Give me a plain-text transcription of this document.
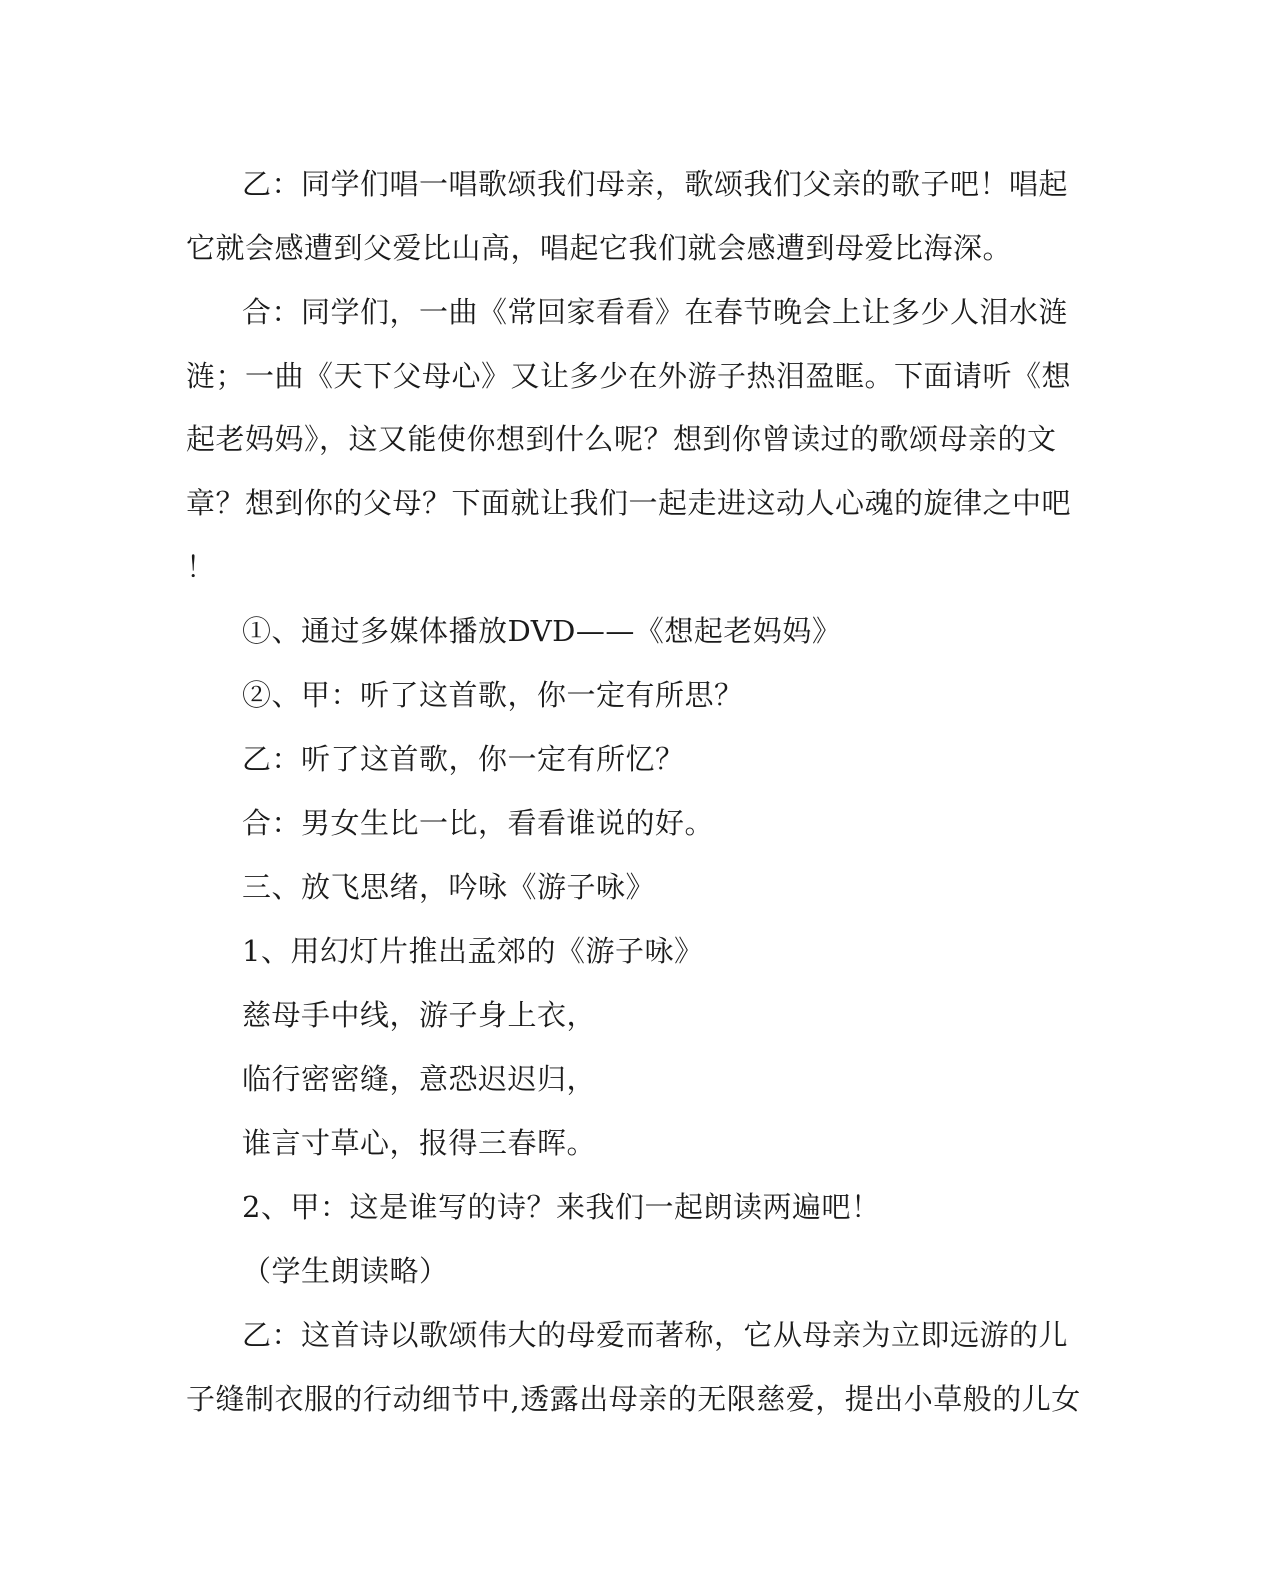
乙：同学们唱一唱歌颂我们母亲，歌颂我们父亲的歌子吧！唱起
它就会感遭到父爱比山高，唱起它我们就会感遭到母爱比海深。
合：同学们，一曲《常回家看看》在春节晚会上让多少人泪水涟
涟；一曲《天下父母心》又让多少在外游子热泪盈眶。下面请听《想
起老妈妈》，这又能使你想到什么呢？想到你曾读过的歌颂母亲的文
章？想到你的父母？下面就让我们一起走进这动人心魂的旋律之中吧
！
①、通过多媒体播放DVD——《想起老妈妈》
②、甲：听了这首歌，你一定有所思？
乙：听了这首歌，你一定有所忆？
合：男女生比一比，看看谁说的好。
三、放飞思绪，吟咏《游子咏》
1、用幻灯片推出孟郊的《游子咏》
慈母手中线，游子身上衣，
临行密密缝，意恐迟迟归，
谁言寸草心，报得三春晖。
2、甲：这是谁写的诗？来我们一起朗读两遍吧！
（学生朗读略）
乙：这首诗以歌颂伟大的母爱而著称，它从母亲为立即远游的儿
子缝制衣服的行动细节中,透露出母亲的无限慈爱，提出小草般的儿女
